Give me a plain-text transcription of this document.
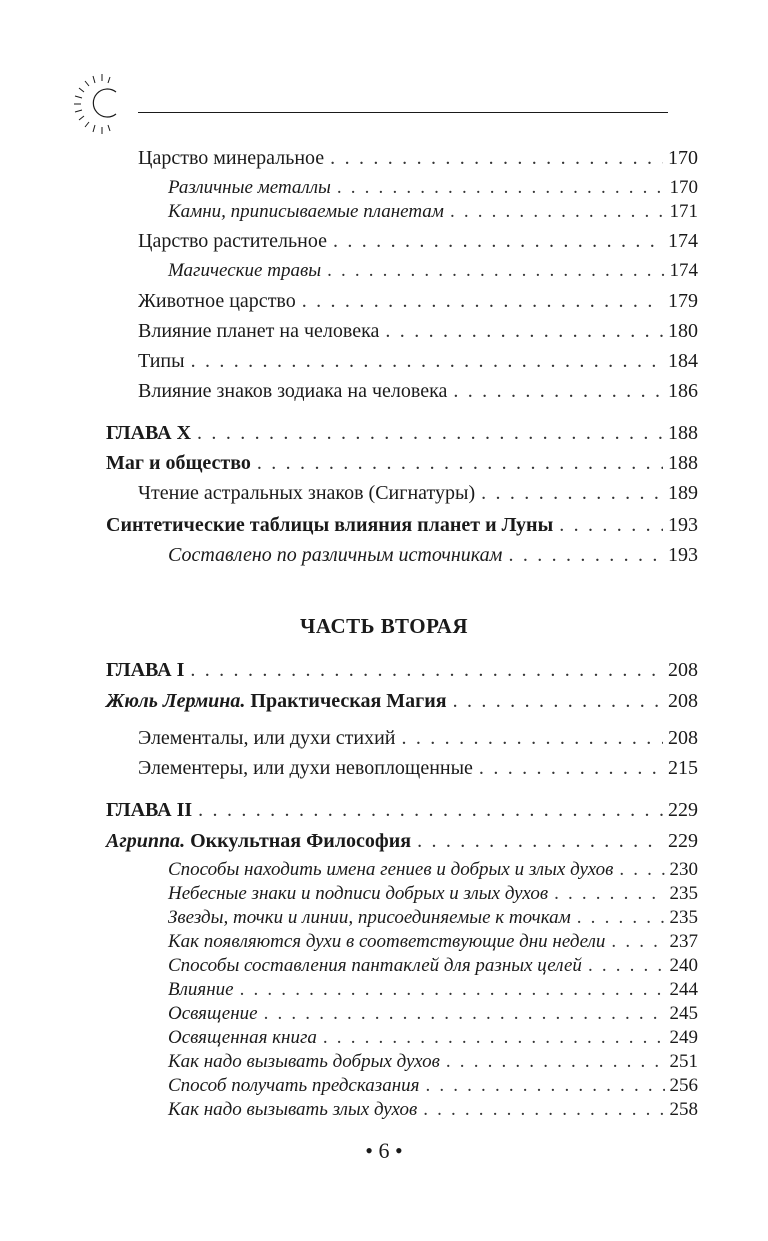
Царство минеральное . . .	170
Различные металлы . . .	170
Камни, приписываемые планетам . . .	171
Царство растительное . . .	174
Магические травы . . .	174
Животное царство . . .	179
Влияние планет на человека . . .	180
Типы . . .	184
Влияние знаков зодиака на человека . . .	186
ГЛАВА X . . .	188
Маг и общество . . .	188
Чтение астральных знаков (Сигнатуры) . . .	189
Синтетические таблицы влияния планет и Луны . . .	193
Составлено по различным источникам . . .	193
ЧАСТЬ ВТОРАЯ
ГЛАВА I . . .	208
Жюль Лермина. Практическая Магия . . .	208
Элементалы, или духи стихий . . .	208
Элементеры, или духи невоплощенные . . .	215
ГЛАВА II . . .	229
Агриппа. Оккультная Философия . . .	229
Способы находить имена гениев и добрых и злых духов . . .	230
Небесные знаки и подписи добрых и злых духов . . .	235
Звезды, точки и линии, присоединяемые к точкам . . .	235
Как появляются духи в соответствующие дни недели . . .	237
Способы составления пантаклей для разных целей . . .	240
Влияние . . .	244
Освящение . . .	245
Освященная книга . . .	249
Как надо вызывать добрых духов . . .	251
Способ получать предсказания . . .	256
Как надо вызывать злых духов . . .	258
• 6 •
